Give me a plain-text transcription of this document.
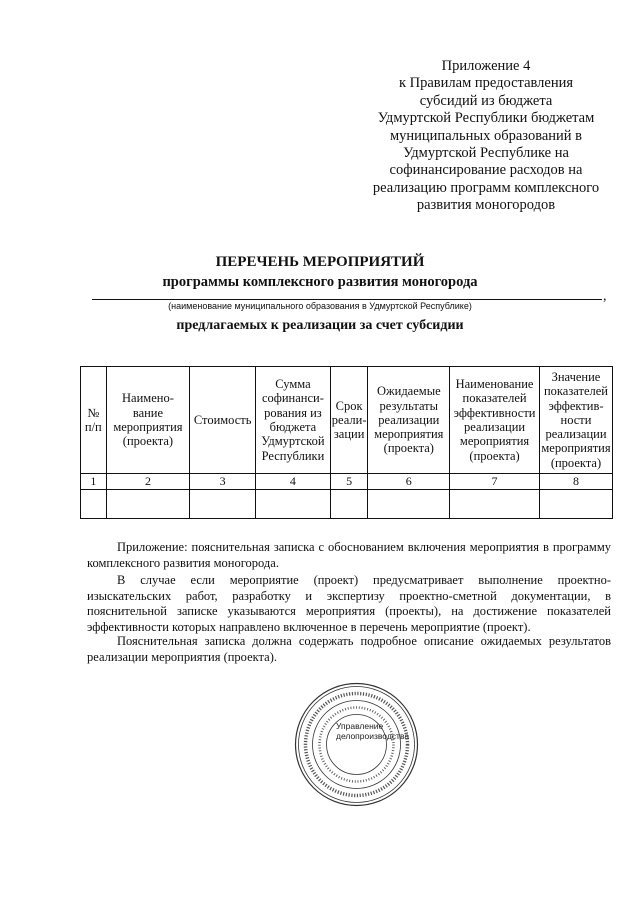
Приложение 4
к Правилам предоставления
субсидий из бюджета
Удмуртской Республики бюджетам
муниципальных образований в
Удмуртской Республике на
софинансирование расходов на
реализацию программ комплексного
развития моногородов
ПЕРЕЧЕНЬ МЕРОПРИЯТИЙ
программы комплексного развития моногорода
,
(наименование муниципального образования в Удмуртской Республике)
предлагаемых к реализации за счет субсидии
№ п/п	Наимено-вание мероприятия (проекта)	Стоимость	Сумма софинанси-рования из бюджета Удмуртской Республики	Срок реали-зации	Ожидаемые результаты реализации мероприятия (проекта)	Наименование показателей эффективности реализации мероприятия (проекта)	Значение показателей эффектив-ности реализации мероприятия (проекта)
1	2	3	4	5	6	7	8

Приложение: пояснительная записка с обоснованием включения мероприятия в программу комплексного развития моногорода.
В случае если мероприятие (проект) предусматривает выполнение проектно-изыскательских работ, разработку и экспертизу проектно-сметной документации, в пояснительной записке указываются мероприятия (проекты), на достижение показателей эффективности которых направлено включенное в перечень мероприятие (проект).
Пояснительная записка должна содержать подробное описание ожидаемых результатов реализации мероприятия (проекта).
Управление
делопроизводства
